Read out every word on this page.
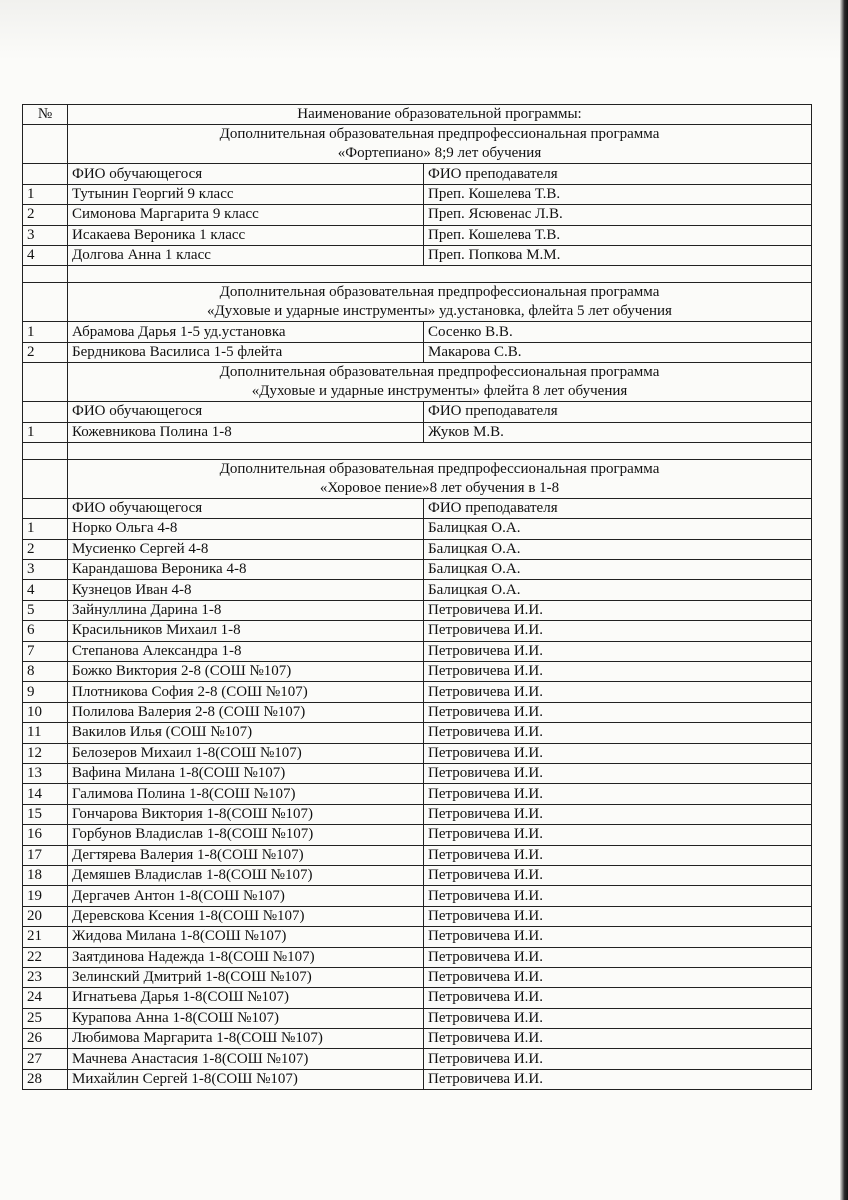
№	Наименование образовательной программы:	

	Дополнительная образовательная предпрофессиональная программа
«Фортепиано» 8;9 лет обучения	

	ФИО обучающегося	ФИО преподавателя
1	Тутынин Георгий 9 класс	Преп. Кошелева Т.В.
2	Симонова Маргарита 9 класс	Преп. Ясювенас Л.В.
3	Исакаева Вероника 1 класс	Преп. Кошелева Т.В.
4	Долгова Анна 1 класс	Преп. Попкова М.М.

	Дополнительная образовательная предпрофессиональная программа
«Духовые и ударные инструменты» уд.установка, флейта 5 лет обучения	

1	Абрамова Дарья 1-5 уд.установка	Сосенко В.В.
2	Бердникова Василиса 1-5 флейта	Макарова С.В.

	Дополнительная образовательная предпрофессиональная программа
«Духовые и ударные инструменты» флейта 8 лет обучения	

	ФИО обучающегося	ФИО преподавателя
1	Кожевникова Полина 1-8	Жуков М.В.

	Дополнительная образовательная предпрофессиональная программа
«Хоровое пение»8 лет обучения в 1-8	

	ФИО обучающегося	ФИО преподавателя
1	Норко Ольга 4-8	Балицкая О.А.
2	Мусиенко Сергей 4-8	Балицкая О.А.
3	Карандашова Вероника 4-8	Балицкая О.А.
4	Кузнецов Иван 4-8	Балицкая О.А.
5	Зайнуллина Дарина 1-8	Петровичева И.И.
6	Красильников Михаил 1-8	Петровичева И.И.
7	Степанова Александра 1-8	Петровичева И.И.
8	Божко Виктория 2-8 (СОШ №107)	Петровичева И.И.
9	Плотникова София 2-8 (СОШ №107)	Петровичева И.И.
10	Полилова Валерия 2-8 (СОШ №107)	Петровичева И.И.
11	Вакилов Илья (СОШ №107)	Петровичева И.И.
12	Белозеров Михаил 1-8(СОШ №107)	Петровичева И.И.
13	Вафина Милана 1-8(СОШ №107)	Петровичева И.И.
14	Галимова Полина 1-8(СОШ №107)	Петровичева И.И.
15	Гончарова Виктория 1-8(СОШ №107)	Петровичева И.И.
16	Горбунов Владислав 1-8(СОШ №107)	Петровичева И.И.
17	Дегтярева Валерия 1-8(СОШ №107)	Петровичева И.И.
18	Демяшев Владислав 1-8(СОШ №107)	Петровичева И.И.
19	Дергачев Антон 1-8(СОШ №107)	Петровичева И.И.
20	Деревскова Ксения 1-8(СОШ №107)	Петровичева И.И.
21	Жидова Милана 1-8(СОШ №107)	Петровичева И.И.
22	Заятдинова Надежда 1-8(СОШ №107)	Петровичева И.И.
23	Зелинский Дмитрий 1-8(СОШ №107)	Петровичева И.И.
24	Игнатьева Дарья 1-8(СОШ №107)	Петровичева И.И.
25	Курапова Анна 1-8(СОШ №107)	Петровичева И.И.
26	Любимова Маргарита 1-8(СОШ №107)	Петровичева И.И.
27	Мачнева Анастасия 1-8(СОШ №107)	Петровичева И.И.
28	Михайлин Сергей 1-8(СОШ №107)	Петровичева И.И.
